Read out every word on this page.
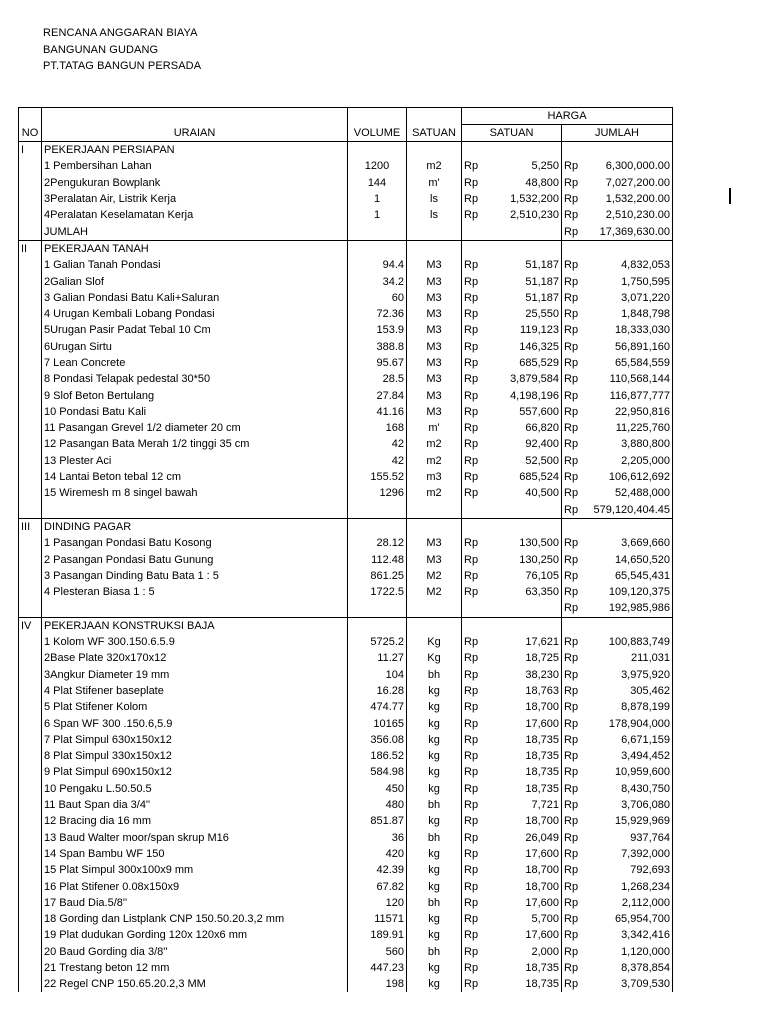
RENCANA ANGGARAN BIAYA
BANGUNAN GUDANG
PT.TATAG BANGUN PERSADA
				HARGA			
NO	URAIAN	VOLUME	SATUAN	SATUAN		JUMLAH	
I	PEKERJAAN PERSIAPAN						
	1 Pembersihan Lahan	1200	m2	Rp	5,250	Rp	6,300,000.00
	2Pengukuran Bowplank	144	m'	Rp	48,800	Rp	7,027,200.00
	3Peralatan Air, Listrik Kerja	1	ls	Rp	1,532,200	Rp	1,532,200.00
	4Peralatan Keselamatan Kerja	1	ls	Rp	2,510,230	Rp	2,510,230.00
	JUMLAH					Rp	17,369,630.00
II	PEKERJAAN TANAH						
	1 Galian Tanah Pondasi	94.4	M3	Rp	51,187	Rp	4,832,053
	2Galian Slof	34.2	M3	Rp	51,187	Rp	1,750,595
	3 Galian Pondasi Batu Kali+Saluran	60	M3	Rp	51,187	Rp	3,071,220
	4 Urugan Kembali Lobang Pondasi	72.36	M3	Rp	25,550	Rp	1,848,798
	5Urugan Pasir Padat Tebal 10 Cm	153.9	M3	Rp	119,123	Rp	18,333,030
	6Urugan Sirtu	388.8	M3	Rp	146,325	Rp	56,891,160
	7 Lean Concrete	95.67	M3	Rp	685,529	Rp	65,584,559
	8 Pondasi Telapak pedestal 30*50	28.5	M3	Rp	3,879,584	Rp	110,568,144
	9 Slof Beton Bertulang	27.84	M3	Rp	4,198,196	Rp	116,877,777
	10 Pondasi Batu Kali	41.16	M3	Rp	557,600	Rp	22,950,816
	11 Pasangan Grevel 1/2 diameter 20 cm	168	m'	Rp	66,820	Rp	11,225,760
	12 Pasangan Bata Merah 1/2 tinggi 35 cm	42	m2	Rp	92,400	Rp	3,880,800
	13 Plester Aci	42	m2	Rp	52,500	Rp	2,205,000
	14 Lantai Beton tebal 12 cm	155.52	m3	Rp	685,524	Rp	106,612,692
	15 Wiremesh m 8 singel bawah	1296	m2	Rp	40,500	Rp	52,488,000
						Rp	579,120,404.45
III	DINDING PAGAR						
	1 Pasangan Pondasi Batu Kosong	28.12	M3	Rp	130,500	Rp	3,669,660
	2 Pasangan Pondasi Batu Gunung	112.48	M3	Rp	130,250	Rp	14,650,520
	3 Pasangan Dinding Batu Bata 1 : 5	861.25	M2	Rp	76,105	Rp	65,545,431
	4 Plesteran Biasa 1 : 5	1722.5	M2	Rp	63,350	Rp	109,120,375
						Rp	192,985,986
IV	PEKERJAAN KONSTRUKSI BAJA						
	1 Kolom WF 300.150.6.5.9	5725.2	Kg	Rp	17,621	Rp	100,883,749
	2Base Plate 320x170x12	11.27	Kg	Rp	18,725	Rp	211,031
	3Angkur Diameter 19 mm	104	bh	Rp	38,230	Rp	3,975,920
	4 Plat Stifener baseplate	16.28	kg	Rp	18,763	Rp	305,462
	5 Plat Stifener Kolom	474.77	kg	Rp	18,700	Rp	8,878,199
	6 Span WF 300 .150.6,5.9	10165	kg	Rp	17,600	Rp	178,904,000
	7 Plat Simpul 630x150x12	356.08	kg	Rp	18,735	Rp	6,671,159
	8 Plat Simpul 330x150x12	186.52	kg	Rp	18,735	Rp	3,494,452
	9 Plat Simpul 690x150x12	584.98	kg	Rp	18,735	Rp	10,959,600
	10 Pengaku L.50.50.5	450	kg	Rp	18,735	Rp	8,430,750
	11 Baut Span dia 3/4''	480	bh	Rp	7,721	Rp	3,706,080
	12 Bracing dia 16 mm	851.87	kg	Rp	18,700	Rp	15,929,969
	13 Baud Walter moor/span skrup M16	36	bh	Rp	26,049	Rp	937,764
	14 Span Bambu WF 150	420	kg	Rp	17,600	Rp	7,392,000
	15 Plat Simpul 300x100x9 mm	42.39	kg	Rp	18,700	Rp	792,693
	16 Plat Stifener 0.08x150x9	67.82	kg	Rp	18,700	Rp	1,268,234
	17 Baud Dia.5/8''	120	bh	Rp	17,600	Rp	2,112,000
	18 Gording dan Listplank CNP 150.50.20.3,2 mm	11571	kg	Rp	5,700	Rp	65,954,700
	19 Plat dudukan Gording 120x 120x6 mm	189.91	kg	Rp	17,600	Rp	3,342,416
	20 Baud Gording dia 3/8''	560	bh	Rp	2,000	Rp	1,120,000
	21 Trestang beton 12 mm	447.23	kg	Rp	18,735	Rp	8,378,854
	22 Regel CNP 150.65.20.2,3 MM	198	kg	Rp	18,735	Rp	3,709,530
